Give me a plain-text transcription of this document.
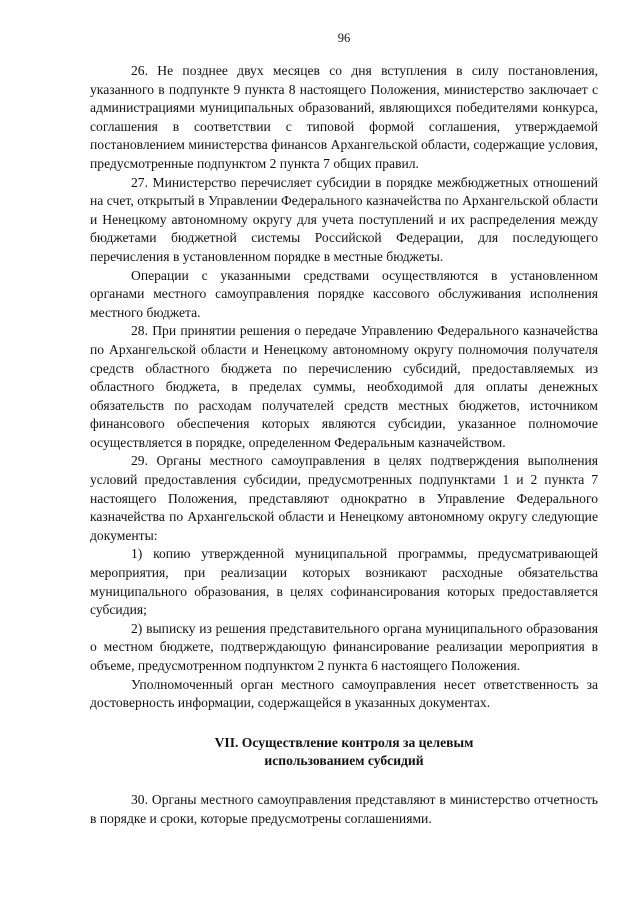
96

26. Не позднее двух месяцев со дня вступления в силу постановления, указанного в подпункте 9 пункта 8 настоящего Положения, министерство заключает с администрациями муниципальных образований, являющихся победителями конкурса, соглашения в соответствии с типовой формой соглашения, утверждаемой постановлением министерства финансов Архангельской области, содержащие условия, предусмотренные подпунктом 2 пункта 7 общих правил.

27. Министерство перечисляет субсидии в порядке межбюджетных отношений на счет, открытый в Управлении Федерального казначейства по Архангельской области и Ненецкому автономному округу для учета поступлений и их распределения между бюджетами бюджетной системы Российской Федерации, для последующего перечисления в установленном порядке в местные бюджеты.

Операции с указанными средствами осуществляются в установленном органами местного самоуправления порядке кассового обслуживания исполнения местного бюджета.

28. При принятии решения о передаче Управлению Федерального казначейства по Архангельской области и Ненецкому автономному округу полномочия получателя средств областного бюджета по перечислению субсидий, предоставляемых из областного бюджета, в пределах суммы, необходимой для оплаты денежных обязательств по расходам получателей средств местных бюджетов, источником финансового обеспечения которых являются субсидии, указанное полномочие осуществляется в порядке, определенном Федеральным казначейством.

29. Органы местного самоуправления в целях подтверждения выполнения условий предоставления субсидии, предусмотренных подпунктами 1 и 2 пункта 7 настоящего Положения, представляют однократно в Управление Федерального казначейства по Архангельской области и Ненецкому автономному округу следующие документы:

1) копию утвержденной муниципальной программы, предусматривающей мероприятия, при реализации которых возникают расходные обязательства муниципального образования, в целях софинансирования которых предоставляется субсидия;

2) выписку из решения представительного органа муниципального образования о местном бюджете, подтверждающую финансирование реализации мероприятия в объеме, предусмотренном подпунктом 2 пункта 6 настоящего Положения.

Уполномоченный орган местного самоуправления несет ответственность за достоверность информации, содержащейся в указанных документах.

VII. Осуществление контроля за целевым
использованием субсидий

30. Органы местного самоуправления представляют в министерство отчетность в порядке и сроки, которые предусмотрены соглашениями.
